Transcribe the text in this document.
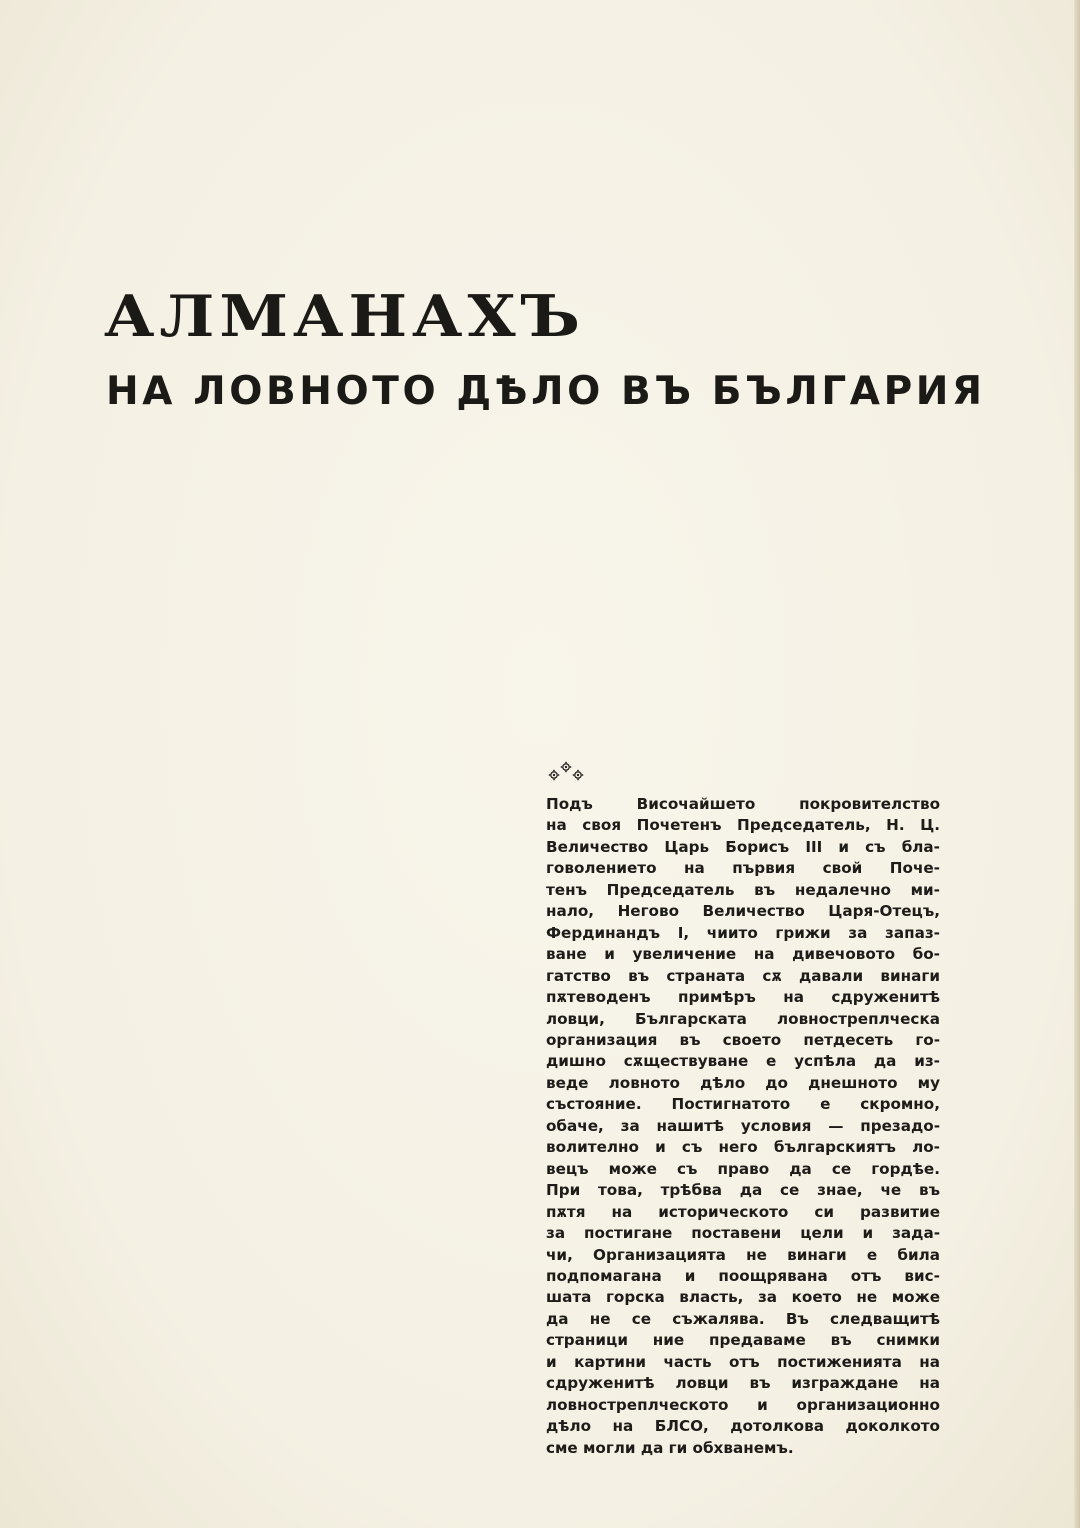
АЛМАНАХЪ
НА ЛОВНОТО ДѢЛО ВЪ БЪЛГАРИЯ
Подъ Височайшето покровителство
на своя Почетенъ Председатель, Н. Ц.
Величество Царь Борисъ III и съ бла-
говолението на първия свой Поче-
тенъ Председатель въ недалечно ми-
нало, Негово Величество Царя-Отецъ,
Фердинандъ I, чиито грижи за запаз-
ване и увеличение на дивечовото бо-
гатство въ страната сѫ давали винаги
пѫтеводенъ примѣръ на сдруженитѣ
ловци, Българската ловностреплческа
организация въ своето петдесеть го-
дишно сѫществуване е успѣла да из-
веде ловното дѣло до днешното му
състояние. Постигнатото е скромно,
обаче, за нашитѣ условия — презадо-
волително и съ него българскиятъ ло-
вецъ може съ право да се гордѣе.
При това, трѣбва да се знае, че въ
пѫтя на историческото си развитие
за постигане поставени цели и зада-
чи, Организацията не винаги е била
подпомагана и поощрявана отъ вис-
шата горска власть, за което не може
да не се съжалява. Въ следващитѣ
страници ние предаваме въ снимки
и картини часть отъ постиженията на
сдруженитѣ ловци въ изграждане на
ловностреплческото и организационно
дѣло на БЛСО, дотолкова доколкото
сме могли да ги обхванемъ.
